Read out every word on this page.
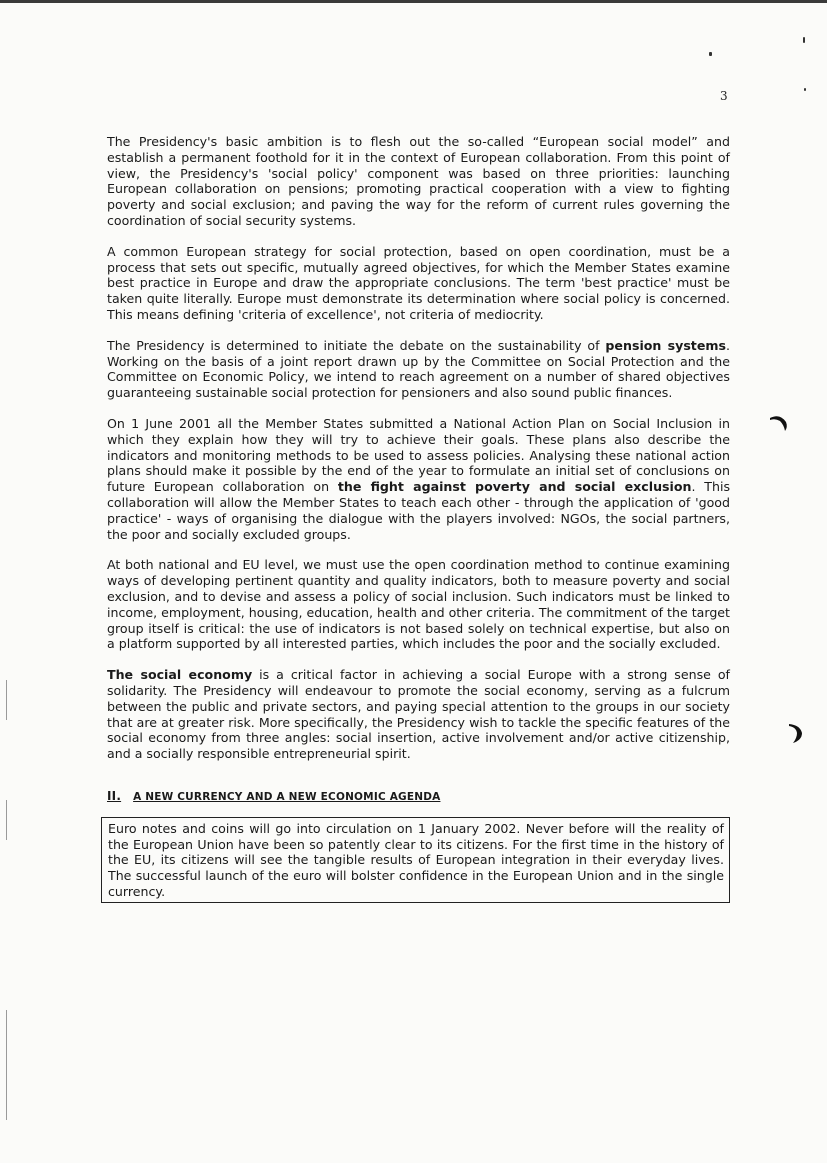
3

The Presidency's basic ambition is to flesh out the so-called “European social model” and establish a permanent foothold for it in the context of European collaboration. From this point of view, the Presidency's 'social policy' component was based on three priorities: launching European collaboration on pensions; promoting practical cooperation with a view to fighting poverty and social exclusion; and paving the way for the reform of current rules governing the coordination of social security systems.

A common European strategy for social protection, based on open coordination, must be a process that sets out specific, mutually agreed objectives, for which the Member States examine best practice in Europe and draw the appropriate conclusions. The term 'best practice' must be taken quite literally. Europe must demonstrate its determination where social policy is concerned. This means defining 'criteria of excellence', not criteria of mediocrity.

The Presidency is determined to initiate the debate on the sustainability of pension systems. Working on the basis of a joint report drawn up by the Committee on Social Protection and the Committee on Economic Policy, we intend to reach agreement on a number of shared objectives guaranteeing sustainable social protection for pensioners and also sound public finances.

On 1 June 2001 all the Member States submitted a National Action Plan on Social Inclusion in which they explain how they will try to achieve their goals. These plans also describe the indicators and monitoring methods to be used to assess policies. Analysing these national action plans should make it possible by the end of the year to formulate an initial set of conclusions on future European collaboration on the fight against poverty and social exclusion. This collaboration will allow the Member States to teach each other - through the application of 'good practice' - ways of organising the dialogue with the players involved: NGOs, the social partners, the poor and socially excluded groups.

At both national and EU level, we must use the open coordination method to continue examining ways of developing pertinent quantity and quality indicators, both to measure poverty and social exclusion, and to devise and assess a policy of social inclusion. Such indicators must be linked to income, employment, housing, education, health and other criteria. The commitment of the target group itself is critical: the use of indicators is not based solely on technical expertise, but also on a platform supported by all interested parties, which includes the poor and the socially excluded.

The social economy is a critical factor in achieving a social Europe with a strong sense of solidarity. The Presidency will endeavour to promote the social economy, serving as a fulcrum between the public and private sectors, and paying special attention to the groups in our society that are at greater risk. More specifically, the Presidency wish to tackle the specific features of the social economy from three angles: social insertion, active involvement and/or active citizenship, and a socially responsible entrepreneurial spirit.

II. A NEW CURRENCY AND A NEW ECONOMIC AGENDA
Euro notes and coins will go into circulation on 1 January 2002. Never before will the reality of the European Union have been so patently clear to its citizens. For the first time in the history of the EU, its citizens will see the tangible results of European integration in their everyday lives. The successful launch of the euro will bolster confidence in the European Union and in the single currency.
